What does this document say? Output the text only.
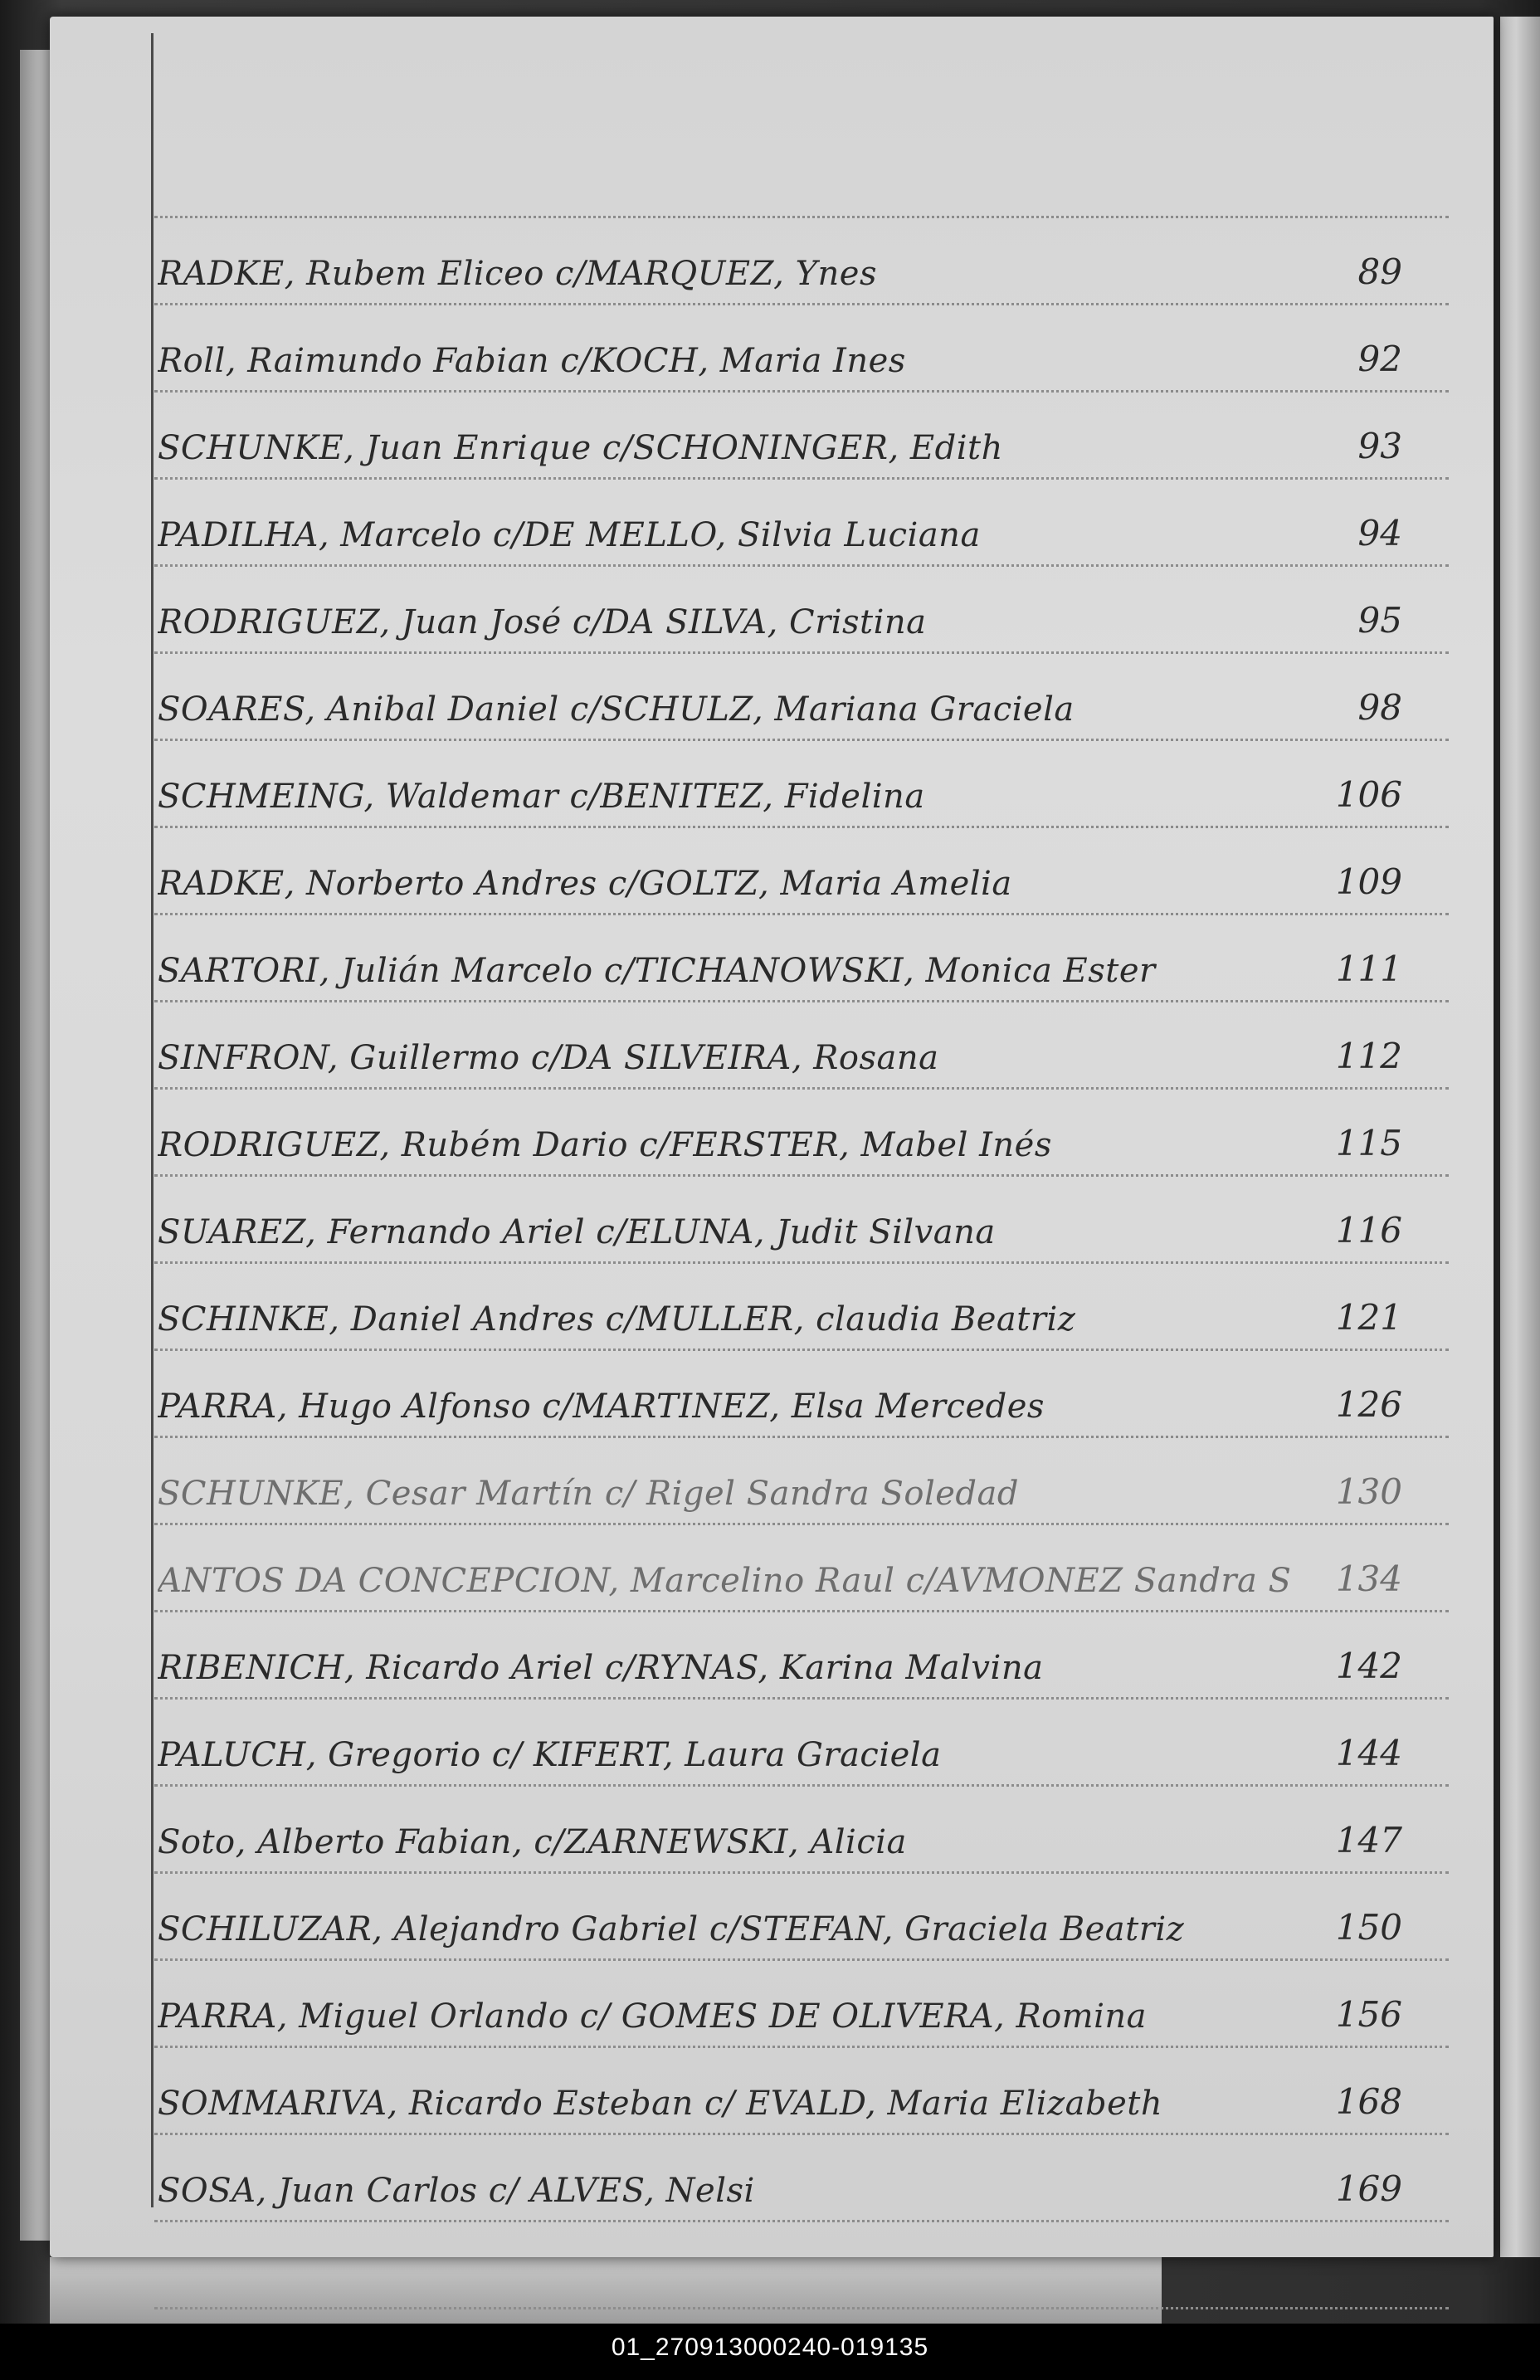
RADKE, Rubem Eliceo c/MARQUEZ, Ynes	89
Roll, Raimundo Fabian c/KOCH, Maria Ines	92
SCHUNKE, Juan Enrique c/SCHONINGER, Edith	93
PADILHA, Marcelo c/DE MELLO, Silvia Luciana	94
RODRIGUEZ, Juan José c/DA SILVA, Cristina	95
SOARES, Anibal Daniel c/SCHULZ, Mariana Graciela	98
SCHMEING, Waldemar c/BENITEZ, Fidelina	106
RADKE, Norberto Andres c/GOLTZ, Maria Amelia	109
SARTORI, Julián Marcelo c/TICHANOWSKI, Monica Ester	111
SINFRON, Guillermo c/DA SILVEIRA, Rosana	112
RODRIGUEZ, Rubém Dario c/FERSTER, Mabel Inés	115
SUAREZ, Fernando Ariel c/ELUNA, Judit Silvana	116
SCHINKE, Daniel Andres c/MULLER, claudia Beatriz	121
PARRA, Hugo Alfonso c/MARTINEZ, Elsa Mercedes	126
SCHUNKE, Cesar Martín c/ Rigel Sandra Soledad	130
ANTOS DA CONCEPCION, Marcelino Raul c/AVMONEZ Sandra S	134
RIBENICH, Ricardo Ariel c/RYNAS, Karina Malvina	142
PALUCH, Gregorio c/ KIFERT, Laura Graciela	144
Soto, Alberto Fabian, c/ZARNEWSKI, Alicia	147
SCHILUZAR, Alejandro Gabriel c/STEFAN, Graciela Beatriz	150
PARRA, Miguel Orlando c/ GOMES DE OLIVERA, Romina	156
SOMMARIVA, Ricardo Esteban c/ EVALD, Maria Elizabeth	168
SOSA, Juan Carlos c/ ALVES, Nelsi	169
01_270913000240-019135
